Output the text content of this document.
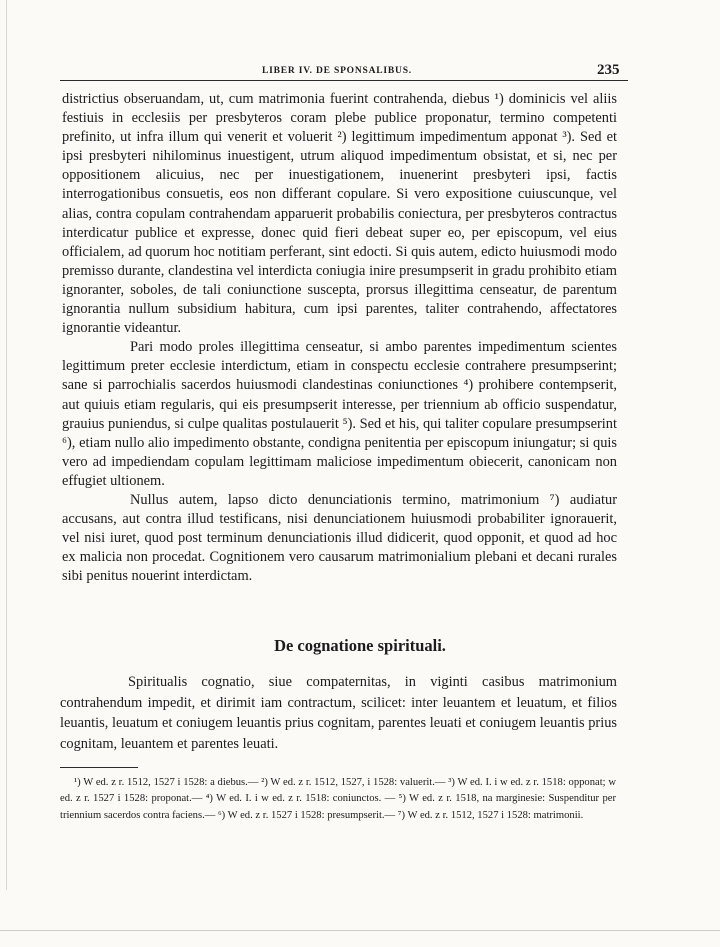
LIBER IV. DE SPONSALIBUS.	235

districtius obseruandam, ut, cum matrimonia fuerint contrahenda, diebus ¹) dominicis vel aliis festiuis in ecclesiis per presbyteros coram plebe publice proponatur, termino competenti prefinito, ut infra illum qui venerit et voluerit ²) legittimum impedimentum apponat ³). Sed et ipsi presbyteri nihilominus inuestigent, utrum aliquod impedimentum obsistat, et si, nec per oppositionem alicuius, nec per inuestigationem, inuenerint presbyteri ipsi, factis interrogationibus consuetis, eos non differant copulare. Si vero expositione cuiuscunque, vel alias, contra copulam contrahendam apparuerit probabilis coniectura, per presbyteros contractus interdicatur publice et expresse, donec quid fieri debeat super eo, per episcopum, vel eius officialem, ad quorum hoc notitiam perferant, sint edocti. Si quis autem, edicto huiusmodi modo premisso durante, clandestina vel interdicta coniugia inire presumpserit in gradu prohibito etiam ignoranter, soboles, de tali coniunctione suscepta, prorsus illegittima censeatur, de parentum ignorantia nullum subsidium habitura, cum ipsi parentes, taliter contrahendo, affectatores ignorantie videantur.

Pari modo proles illegittima censeatur, si ambo parentes impedimentum scientes legittimum preter ecclesie interdictum, etiam in conspectu ecclesie contrahere presumpserint; sane si parrochialis sacerdos huiusmodi clandestinas coniunctiones ⁴) prohibere contempserit, aut quiuis etiam regularis, qui eis presumpserit interesse, per triennium ab officio suspendatur, grauius puniendus, si culpe qualitas postulauerit ⁵). Sed et his, qui taliter copulare presumpserint ⁶), etiam nullo alio impedimento obstante, condigna penitentia per episcopum iniungatur; si quis vero ad impediendam copulam legittimam maliciose impedimentum obiecerit, canonicam non effugiet ultionem.

Nullus autem, lapso dicto denunciationis termino, matrimonium ⁷) audiatur accusans, aut contra illud testificans, nisi denunciationem huiusmodi probabiliter ignorauerit, vel nisi iuret, quod post terminum denunciationis illud didicerit, quod opponit, et quod ad hoc ex malicia non procedat. Cognitionem vero causarum matrimonialium plebani et decani rurales sibi penitus nouerint interdictam.

De cognatione spirituali.

Spiritualis cognatio, siue compaternitas, in viginti casibus matrimonium contrahendum impedit, et dirimit iam contractum, scilicet: inter leuantem et leuatum, et filios leuantis, leuatum et coniugem leuantis prius cognitam, parentes leuati et coniugem leuantis prius cognitam, leuantem et parentes leuati.

¹) W ed. z r. 1512, 1527 i 1528: a diebus.— ²) W ed. z r. 1512, 1527, i 1528: valuerit.— ³) W ed. I. i w ed. z r. 1518: opponat; w ed. z r. 1527 i 1528: proponat.— ⁴) W ed. I. i w ed. z r. 1518: coniunctos. — ⁵) W ed. z r. 1518, na marginesie: Suspenditur per triennium sacerdos contra faciens.— ⁶) W ed. z r. 1527 i 1528: presumpserit.— ⁷) W ed. z r. 1512, 1527 i 1528: matrimonii.
